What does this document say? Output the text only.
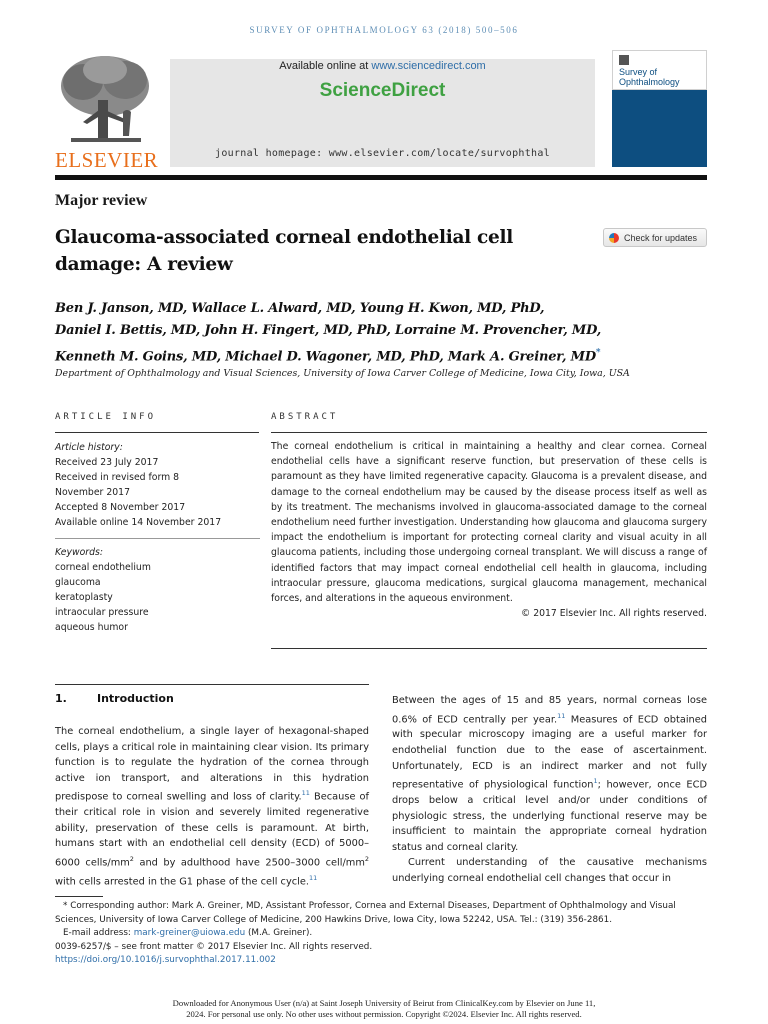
SURVEY OF OPHTHALMOLOGY 63 (2018) 500–506
ELSEVIER
Available online at www.sciencedirect.com
ScienceDirect
journal homepage: www.elsevier.com/locate/survophthal
Survey of
Ophthalmology
Major review
Glaucoma-associated corneal endothelial cell damage: A review
Check for updates
Ben J. Janson, MD, Wallace L. Alward, MD, Young H. Kwon, MD, PhD,
Daniel I. Bettis, MD, John H. Fingert, MD, PhD, Lorraine M. Provencher, MD,
Kenneth M. Goins, MD, Michael D. Wagoner, MD, PhD, Mark A. Greiner, MD*
Department of Ophthalmology and Visual Sciences, University of Iowa Carver College of Medicine, Iowa City, Iowa, USA
ARTICLE INFO	ABSTRACT
Article history:
Received 23 July 2017
Received in revised form 8
November 2017
Accepted 8 November 2017
Available online 14 November 2017
Keywords:
corneal endothelium
glaucoma
keratoplasty
intraocular pressure
aqueous humor
The corneal endothelium is critical in maintaining a healthy and clear cornea. Corneal endothelial cells have a significant reserve function, but preservation of these cells is paramount as they have limited regenerative capacity. Glaucoma is a prevalent disease, and damage to the corneal endothelium may be caused by the disease process itself as well as by its treatment. The mechanisms involved in glaucoma-associated damage to the corneal endothelium need further investigation. Understanding how glaucoma and glaucoma surgery impact the endothelium is important for protecting corneal clarity and visual acuity in all glaucoma patients, including those undergoing corneal transplant. We will discuss a range of identified factors that may impact corneal endothelial cell health in glaucoma, including intraocular pressure, glaucoma medications, surgical glaucoma management, mechanical forces, and alterations in the aqueous environment.
© 2017 Elsevier Inc. All rights reserved.
1.	Introduction
The corneal endothelium, a single layer of hexagonal-shaped cells, plays a critical role in maintaining clear vision. Its primary function is to regulate the hydration of the cornea through active ion transport, and alterations in this hydration predispose to corneal swelling and loss of clarity.$^{11}$ Because of their critical role in vision and severely limited regenerative ability, preservation of these cells is paramount. At birth, humans start with an endothelial cell density (ECD) of 5000–6000 cells/$mm^2$ and by adulthood have 2500–3000 cell/$mm^2$ with cells arrested in the G1 phase of the cell cycle.$^{11}$
Between the ages of 15 and 85 years, normal corneas lose 0.6% of ECD centrally per year.$^{11}$ Measures of ECD obtained with specular microscopy imaging are a useful marker for endothelial function due to the ease of ascertainment. Unfortunately, ECD is an indirect marker and not fully representative of physiological function$^1$; however, once ECD drops below a critical level and/or under conditions of physiologic stress, the underlying functional reserve may be insufficient to maintain the appropriate corneal hydration status and corneal clarity.
Current understanding of the causative mechanisms underlying corneal endothelial cell changes that occur in
* Corresponding author: Mark A. Greiner, MD, Assistant Professor, Cornea and External Diseases, Department of Ophthalmology and Visual Sciences, University of Iowa Carver College of Medicine, 200 Hawkins Drive, Iowa City, Iowa 52242, USA. Tel.: (319) 356-2861.
E-mail address: mark-greiner@uiowa.edu (M.A. Greiner).
0039-6257/$ – see front matter © 2017 Elsevier Inc. All rights reserved.
https://doi.org/10.1016/j.survophthal.2017.11.002
Downloaded for Anonymous User (n/a) at Saint Joseph University of Beirut from ClinicalKey.com by Elsevier on June 11,
2024. For personal use only. No other uses without permission. Copyright ©2024. Elsevier Inc. All rights reserved.
